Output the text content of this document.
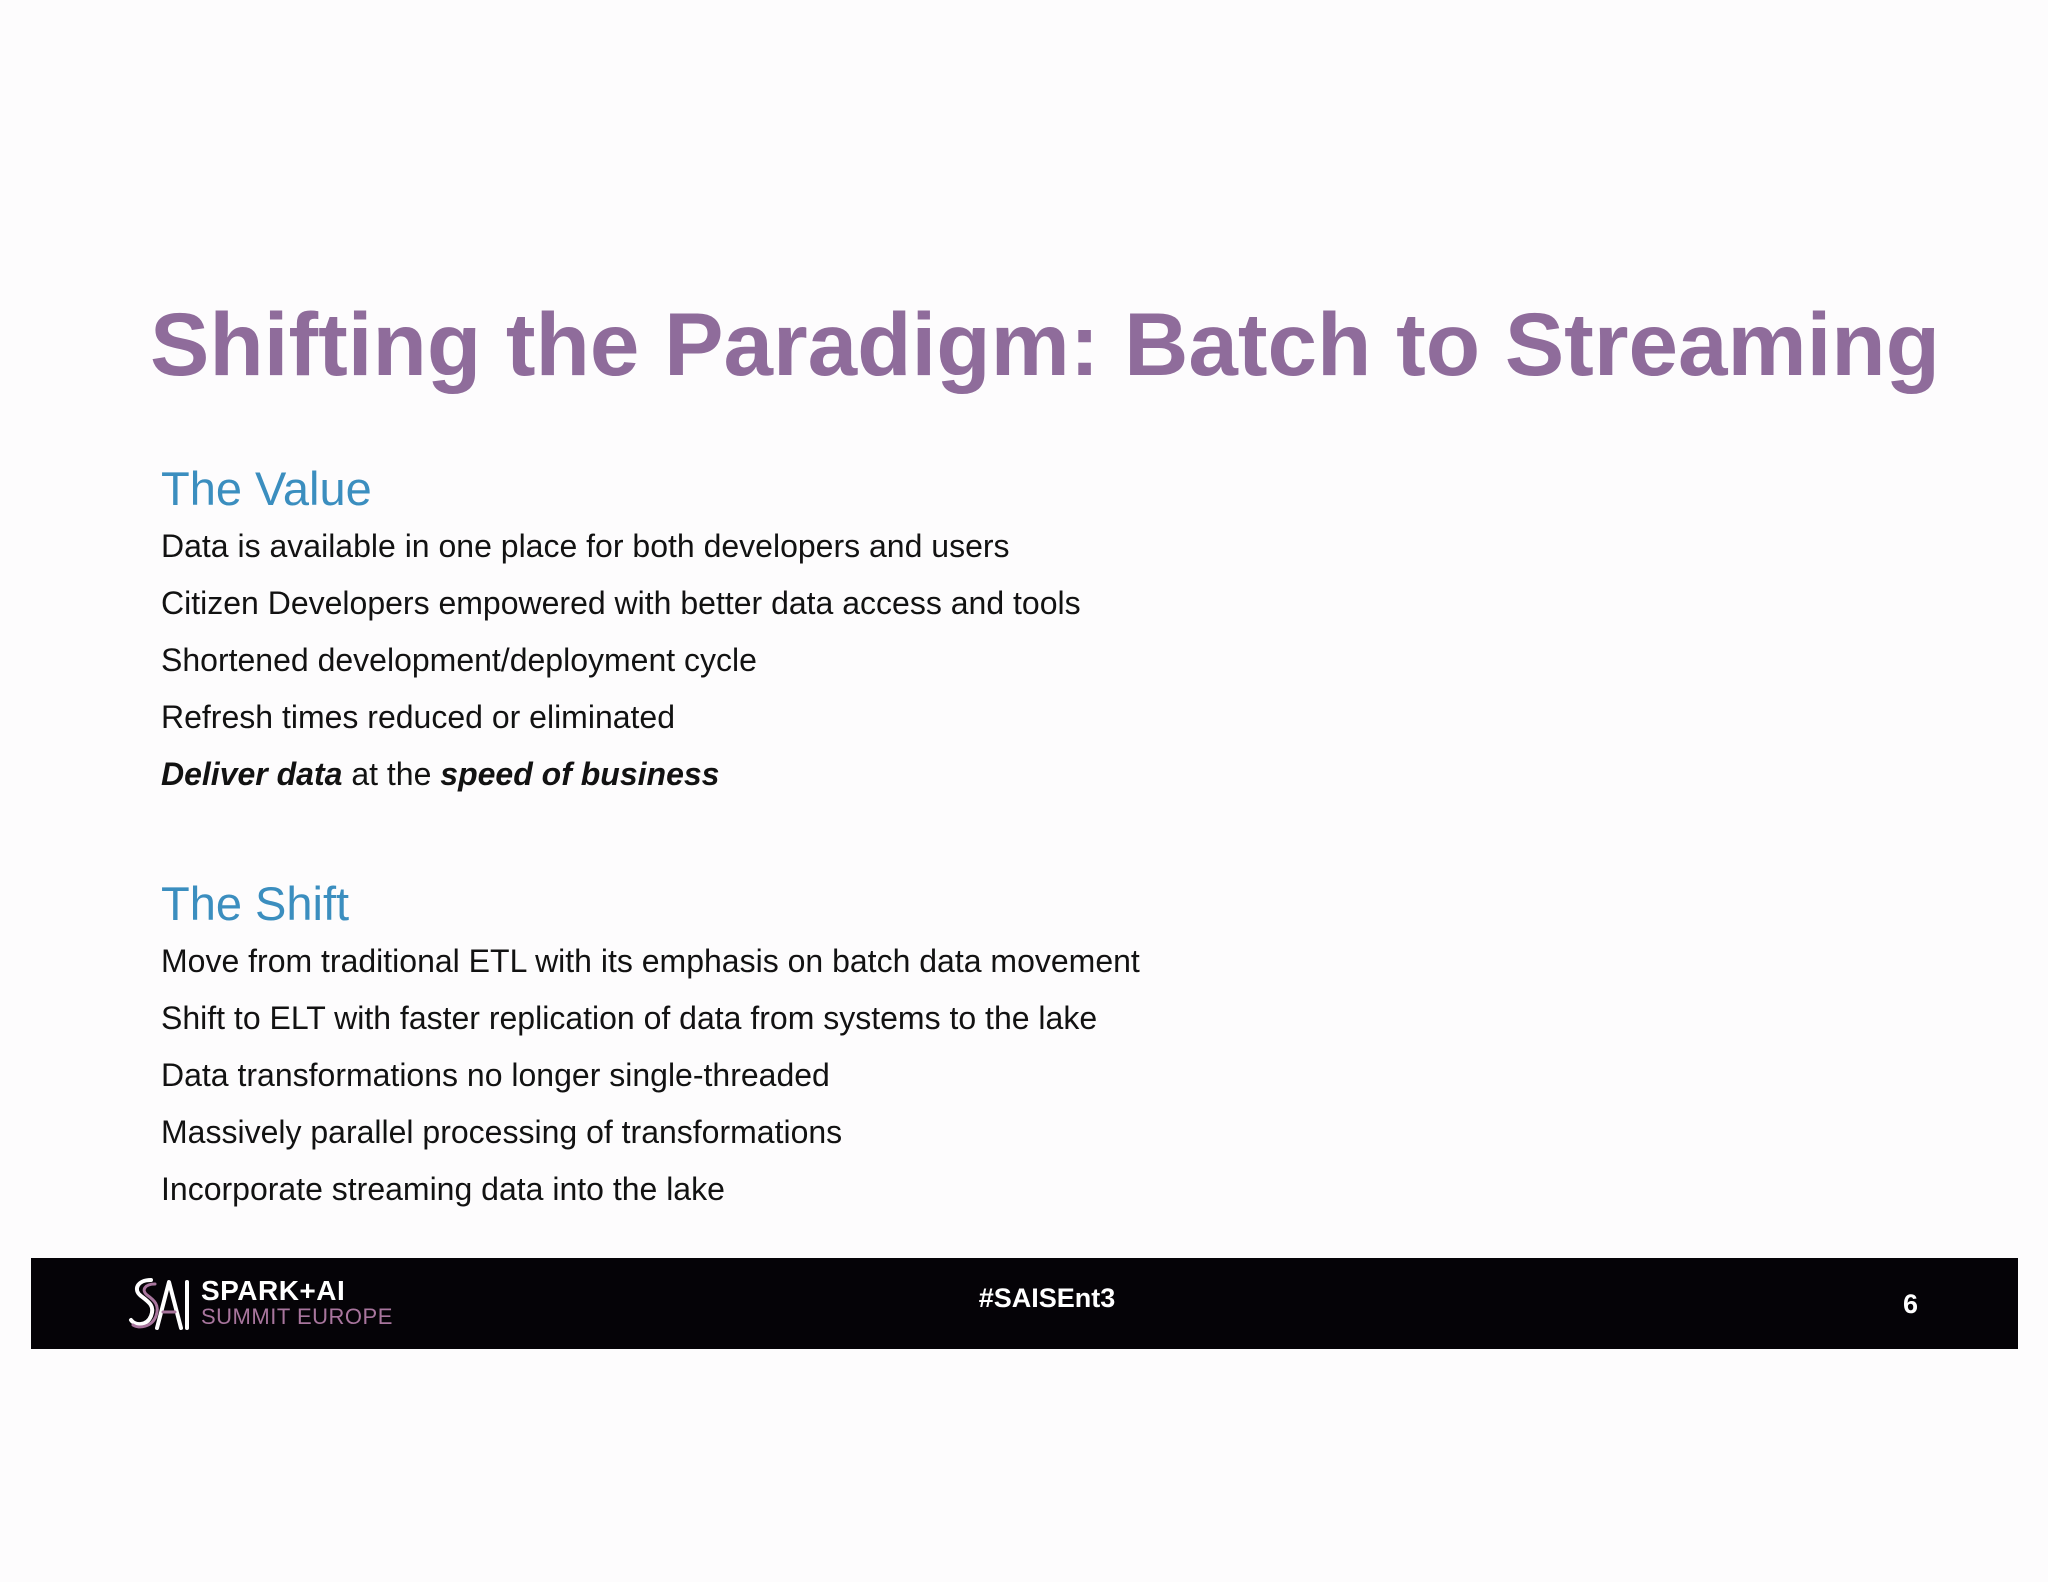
Shifting the Paradigm: Batch to Streaming
The Value
Data is available in one place for both developers and users
Citizen Developers empowered with better data access and tools
Shortened development/deployment cycle
Refresh times reduced or eliminated
Deliver data at the speed of business
The Shift
Move from traditional ETL with its emphasis on batch data movement
Shift to ELT with faster replication of data from systems to the lake
Data transformations no longer single-threaded
Massively parallel processing of transformations
Incorporate streaming data into the lake
SPARK+AI
SUMMIT EUROPE
#SAISEnt3	6
